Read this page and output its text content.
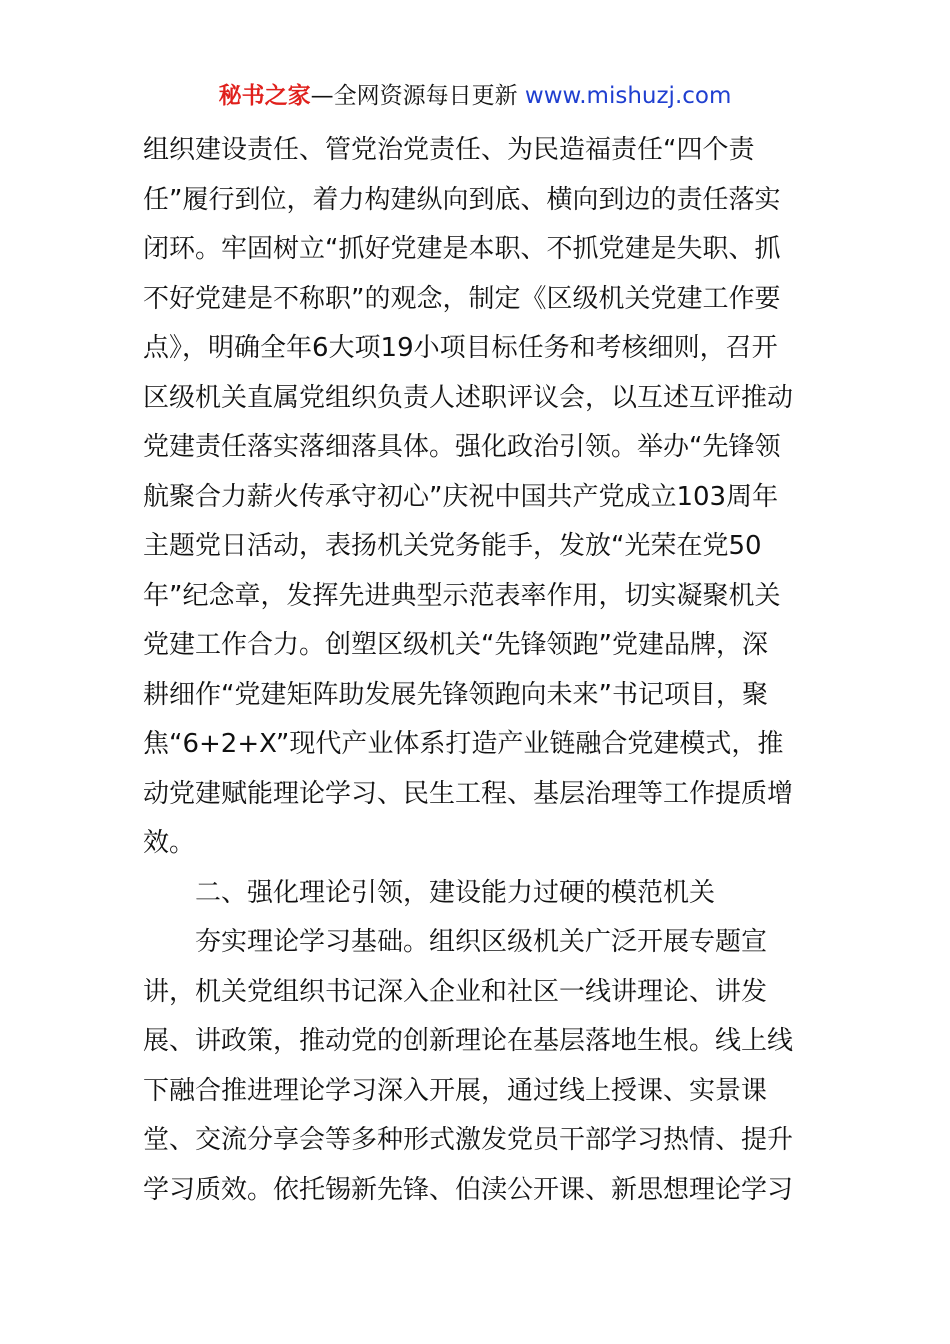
秘书之家—全网资源每日更新 www.mishuzj.com
组织建设责任、管党治党责任、为民造福责任“四个责
任”履行到位，着力构建纵向到底、横向到边的责任落实
闭环。牢固树立“抓好党建是本职、不抓党建是失职、抓
不好党建是不称职”的观念，制定《区级机关党建工作要
点》，明确全年6大项19小项目标任务和考核细则，召开
区级机关直属党组织负责人述职评议会，以互述互评推动
党建责任落实落细落具体。强化政治引领。举办“先锋领
航聚合力薪火传承守初心”庆祝中国共产党成立103周年
主题党日活动，表扬机关党务能手，发放“光荣在党50
年”纪念章，发挥先进典型示范表率作用，切实凝聚机关
党建工作合力。创塑区级机关“先锋领跑”党建品牌，深
耕细作“党建矩阵助发展先锋领跑向未来”书记项目，聚
焦“6+2+X”现代产业体系打造产业链融合党建模式，推
动党建赋能理论学习、民生工程、基层治理等工作提质增
效。
二、强化理论引领，建设能力过硬的模范机关
夯实理论学习基础。组织区级机关广泛开展专题宣
讲，机关党组织书记深入企业和社区一线讲理论、讲发
展、讲政策，推动党的创新理论在基层落地生根。线上线
下融合推进理论学习深入开展，通过线上授课、实景课
堂、交流分享会等多种形式激发党员干部学习热情、提升
学习质效。依托锡新先锋、伯渎公开课、新思想理论学习
